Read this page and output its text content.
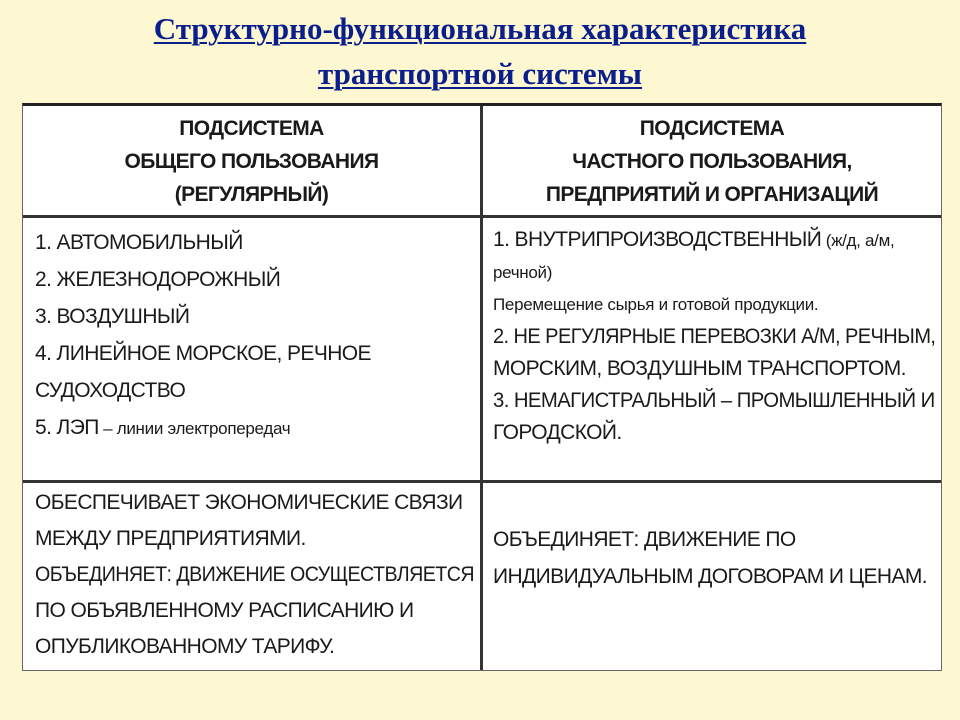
Структурно-функциональная характеристика
транспортной системы
ПОДСИСТЕМА
ОБЩЕГО ПОЛЬЗОВАНИЯ
(РЕГУЛЯРНЫЙ)
ПОДСИСТЕМА
ЧАСТНОГО ПОЛЬЗОВАНИЯ,
ПРЕДПРИЯТИЙ И ОРГАНИЗАЦИЙ
1. АВТОМОБИЛЬНЫЙ
2. ЖЕЛЕЗНОДОРОЖНЫЙ
3. ВОЗДУШНЫЙ
4. ЛИНЕЙНОЕ МОРСКОЕ, РЕЧНОЕ
СУДОХОДСТВО
5. ЛЭП – линии электропередач
1. ВНУТРИПРОИЗВОДСТВЕННЫЙ (ж/д, а/м,
речной)
Перемещение сырья и готовой продукции.
2. НЕ РЕГУЛЯРНЫЕ ПЕРЕВОЗКИ А/М, РЕЧНЫМ,
МОРСКИМ, ВОЗДУШНЫМ ТРАНСПОРТОМ.
3. НЕМАГИСТРАЛЬНЫЙ – ПРОМЫШЛЕННЫЙ И
ГОРОДСКОЙ.
ОБЕСПЕЧИВАЕТ ЭКОНОМИЧЕСКИЕ СВЯЗИ
МЕЖДУ ПРЕДПРИЯТИЯМИ.
ОБЪЕДИНЯЕТ: ДВИЖЕНИЕ ОСУЩЕСТВЛЯЕТСЯ
ПО ОБЪЯВЛЕННОМУ РАСПИСАНИЮ И
ОПУБЛИКОВАННОМУ ТАРИФУ.
ОБЪЕДИНЯЕТ: ДВИЖЕНИЕ ПО
ИНДИВИДУАЛЬНЫМ ДОГОВОРАМ И ЦЕНАМ.
